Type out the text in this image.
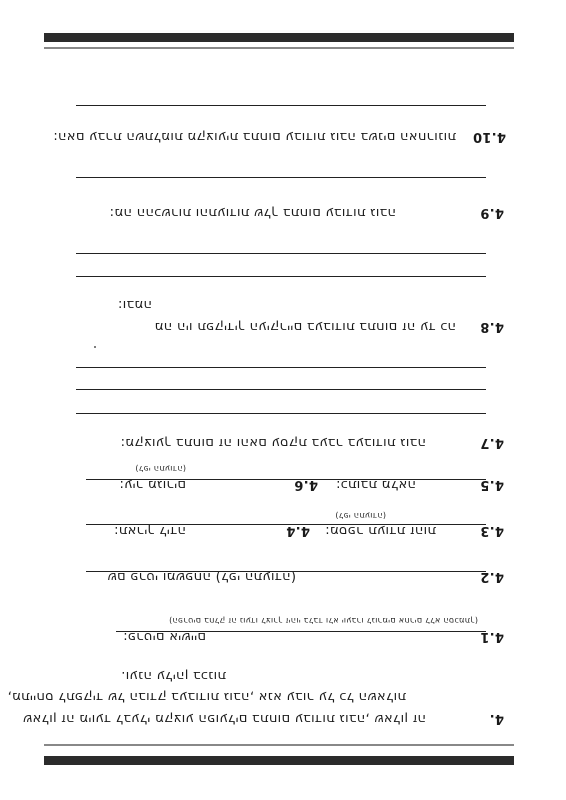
4.
שאלון זה מיועד לבעלי מקצוע הפועלים בתחום עבודות גובה, שאלון זה
מתייחס לתפקיד של הבודק בעבודות גובה, אנא עבור על כל השאלות,
וענה עליהן בכנות.
4.1
פרטים אישיים:
(הפרטים בחלק זה נועדו לצורך זיהוי בלבד ולא יועברו לגורמים אחרים ללא הסכמתך)
4.2
שם פרטי ומשפחה (לפי התעודה)
4.3
תאריך לידה:	4.4	מספר תעודת זהות:
(לפי התעודה)
4.5
עיר מגורים:
(לפי התעודה)
4.6	כתובת מלאה:
4.7
מקצועך בתחום זה והאם עסקת בעבר בעבודות גובה:
4.8
מה היו תפקידיך העיקריים בעבודות בתחום זה עד כה
ובמה:
4.9
מה ההכשרות והתעודות שלך בתחום עבודות גובה:
4.10
האם עברת השתלמות מקצועית בתחום עבודות גובה בשנים האחרונות:
